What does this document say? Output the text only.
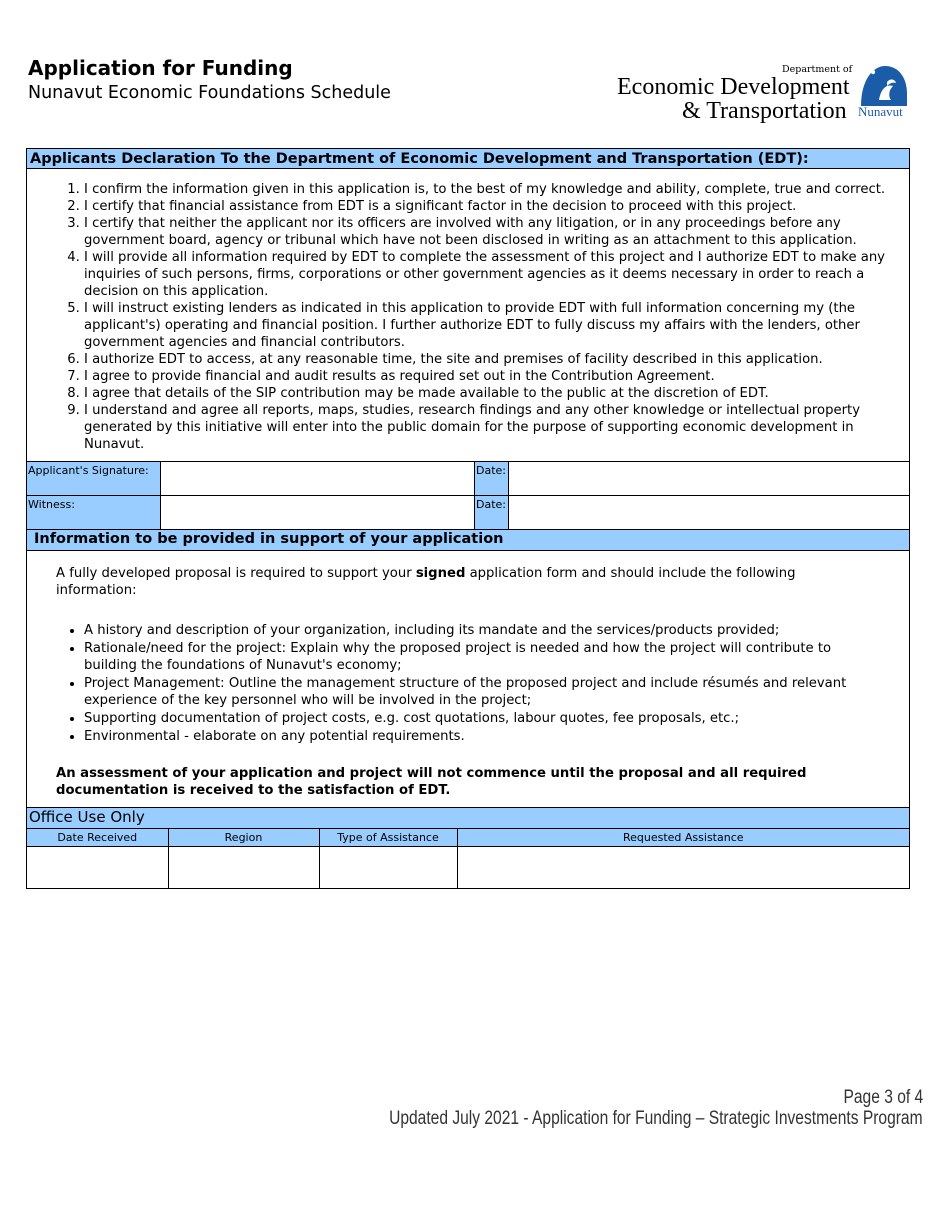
Application for Funding
Nunavut Economic Foundations Schedule
Department of
Economic Development
& Transportation Nunavut
Applicants Declaration To the Department of Economic Development and Transportation (EDT):
1. I confirm the information given in this application is, to the best of my knowledge and ability, complete, true and correct.
2. I certify that financial assistance from EDT is a significant factor in the decision to proceed with this project.
3. I certify that neither the applicant nor its officers are involved with any litigation, or in any proceedings before any government board, agency or tribunal which have not been disclosed in writing as an attachment to this application.
4. I will provide all information required by EDT to complete the assessment of this project and I authorize EDT to make any inquiries of such persons, firms, corporations or other government agencies as it deems necessary in order to reach a decision on this application.
5. I will instruct existing lenders as indicated in this application to provide EDT with full information concerning my (the applicant's) operating and financial position. I further authorize EDT to fully discuss my affairs with the lenders, other government agencies and financial contributors.
6. I authorize EDT to access, at any reasonable time, the site and premises of facility described in this application.
7. I agree to provide financial and audit results as required set out in the Contribution Agreement.
8. I agree that details of the SIP contribution may be made available to the public at the discretion of EDT.
9. I understand and agree all reports, maps, studies, research findings and any other knowledge or intellectual property generated by this initiative will enter into the public domain for the purpose of supporting economic development in Nunavut.
Applicant's Signature:	Date:
Witness:	Date:
Information to be provided in support of your application

A fully developed proposal is required to support your signed application form and should include the following information:

• A history and description of your organization, including its mandate and the services/products provided;
• Rationale/need for the project: Explain why the proposed project is needed and how the project will contribute to building the foundations of Nunavut's economy;
• Project Management: Outline the management structure of the proposed project and include résumés and relevant experience of the key personnel who will be involved in the project;
• Supporting documentation of project costs, e.g. cost quotations, labour quotes, fee proposals, etc.;
• Environmental - elaborate on any potential requirements.

An assessment of your application and project will not commence until the proposal and all required documentation is received to the satisfaction of EDT.

Office Use Only
Date Received	Region	Type of Assistance	Requested Assistance

Page 3 of 4
Updated July 2021 - Application for Funding – Strategic Investments Program
